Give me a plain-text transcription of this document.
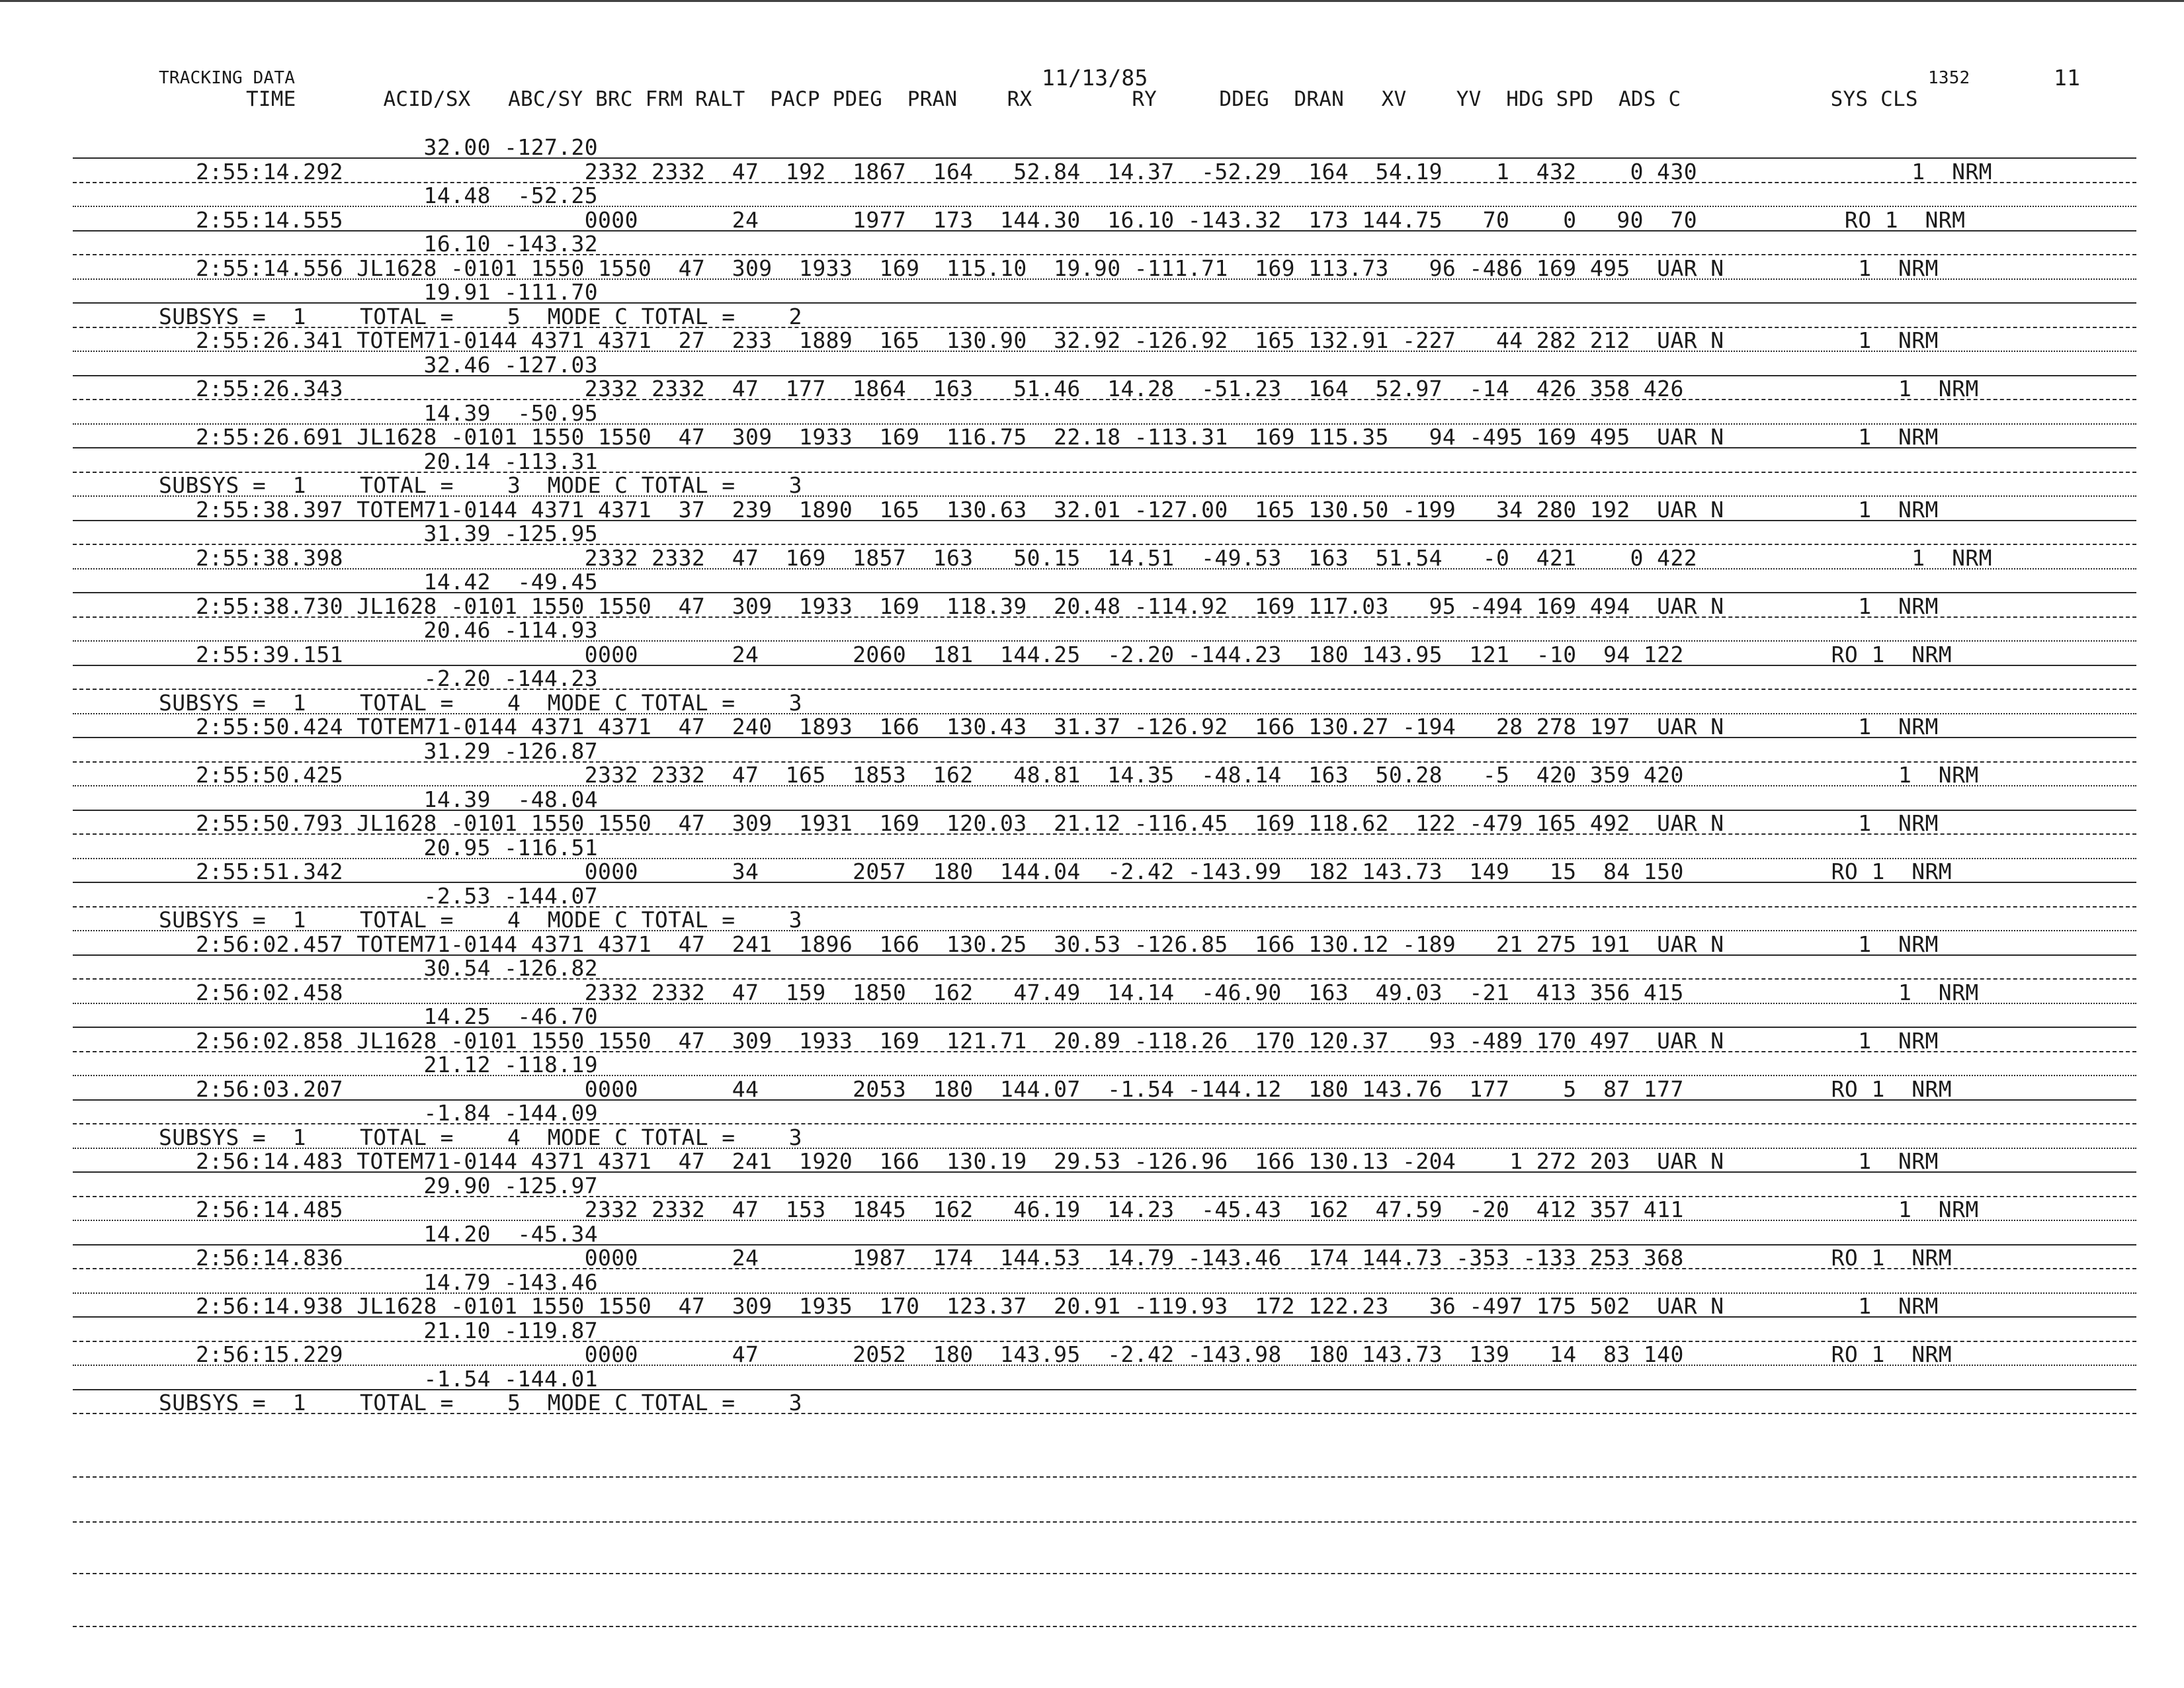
TRACKING DATA	11/13/85	1352	11
TIME       ACID/SX   ABC/SY BRC FRM RALT  PACP PDEG  PRAN    RX        RY     DDEG  DRAN   XV    YV  HDG SPD  ADS C            SYS CLS
32.00 -127.20
2:55:14.292                  2332 2332  47  192  1867  164   52.84  14.37  -52.29  164  54.19    1  432    0 430                1  NRM
14.48  -52.25
2:55:14.555                  0000       24       1977  173  144.30  16.10 -143.32  173 144.75   70    0   90  70           RO 1  NRM
16.10 -143.32
2:55:14.556 JL1628 -0101 1550 1550  47  309  1933  169  115.10  19.90 -111.71  169 113.73   96 -486 169 495  UAR N          1  NRM
19.91 -111.70
SUBSYS =  1    TOTAL =    5  MODE C TOTAL =    2
2:55:26.341 TOTEM71-0144 4371 4371  27  233  1889  165  130.90  32.92 -126.92  165 132.91 -227   44 282 212  UAR N          1  NRM
32.46 -127.03
2:55:26.343                  2332 2332  47  177  1864  163   51.46  14.28  -51.23  164  52.97  -14  426 358 426                1  NRM
14.39  -50.95
2:55:26.691 JL1628 -0101 1550 1550  47  309  1933  169  116.75  22.18 -113.31  169 115.35   94 -495 169 495  UAR N          1  NRM
20.14 -113.31
SUBSYS =  1    TOTAL =    3  MODE C TOTAL =    3
2:55:38.397 TOTEM71-0144 4371 4371  37  239  1890  165  130.63  32.01 -127.00  165 130.50 -199   34 280 192  UAR N          1  NRM
31.39 -125.95
2:55:38.398                  2332 2332  47  169  1857  163   50.15  14.51  -49.53  163  51.54   -0  421    0 422                1  NRM
14.42  -49.45
2:55:38.730 JL1628 -0101 1550 1550  47  309  1933  169  118.39  20.48 -114.92  169 117.03   95 -494 169 494  UAR N          1  NRM
20.46 -114.93
2:55:39.151                  0000       24       2060  181  144.25  -2.20 -144.23  180 143.95  121  -10  94 122           RO 1  NRM
-2.20 -144.23
SUBSYS =  1    TOTAL =    4  MODE C TOTAL =    3
2:55:50.424 TOTEM71-0144 4371 4371  47  240  1893  166  130.43  31.37 -126.92  166 130.27 -194   28 278 197  UAR N          1  NRM
31.29 -126.87
2:55:50.425                  2332 2332  47  165  1853  162   48.81  14.35  -48.14  163  50.28   -5  420 359 420                1  NRM
14.39  -48.04
2:55:50.793 JL1628 -0101 1550 1550  47  309  1931  169  120.03  21.12 -116.45  169 118.62  122 -479 165 492  UAR N          1  NRM
20.95 -116.51
2:55:51.342                  0000       34       2057  180  144.04  -2.42 -143.99  182 143.73  149   15  84 150           RO 1  NRM
-2.53 -144.07
SUBSYS =  1    TOTAL =    4  MODE C TOTAL =    3
2:56:02.457 TOTEM71-0144 4371 4371  47  241  1896  166  130.25  30.53 -126.85  166 130.12 -189   21 275 191  UAR N          1  NRM
30.54 -126.82
2:56:02.458                  2332 2332  47  159  1850  162   47.49  14.14  -46.90  163  49.03  -21  413 356 415                1  NRM
14.25  -46.70
2:56:02.858 JL1628 -0101 1550 1550  47  309  1933  169  121.71  20.89 -118.26  170 120.37   93 -489 170 497  UAR N          1  NRM
21.12 -118.19
2:56:03.207                  0000       44       2053  180  144.07  -1.54 -144.12  180 143.76  177    5  87 177           RO 1  NRM
-1.84 -144.09
SUBSYS =  1    TOTAL =    4  MODE C TOTAL =    3
2:56:14.483 TOTEM71-0144 4371 4371  47  241  1920  166  130.19  29.53 -126.96  166 130.13 -204    1 272 203  UAR N          1  NRM
29.90 -125.97
2:56:14.485                  2332 2332  47  153  1845  162   46.19  14.23  -45.43  162  47.59  -20  412 357 411                1  NRM
14.20  -45.34
2:56:14.836                  0000       24       1987  174  144.53  14.79 -143.46  174 144.73 -353 -133 253 368           RO 1  NRM
14.79 -143.46
2:56:14.938 JL1628 -0101 1550 1550  47  309  1935  170  123.37  20.91 -119.93  172 122.23   36 -497 175 502  UAR N          1  NRM
21.10 -119.87
2:56:15.229                  0000       47       2052  180  143.95  -2.42 -143.98  180 143.73  139   14  83 140           RO 1  NRM
-1.54 -144.01
SUBSYS =  1    TOTAL =    5  MODE C TOTAL =    3
